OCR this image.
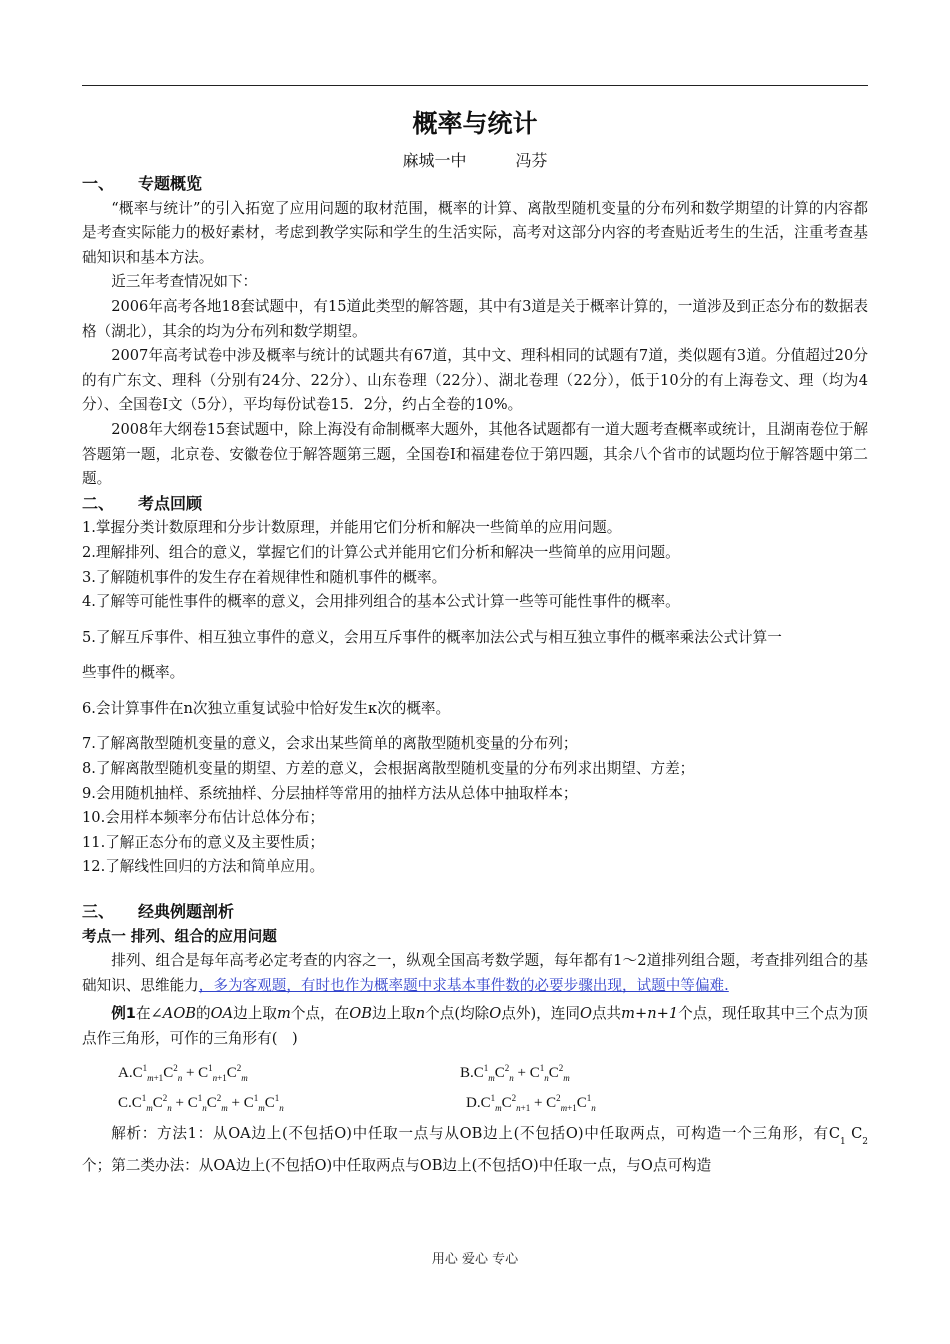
概率与统计
麻城一中	冯芬

一、 专题概览

“概率与统计”的引入拓宽了应用问题的取材范围，概率的计算、离散型随机变量的分布列和数学期望的计算的内容都是考查实际能力的极好素材，考虑到教学实际和学生的生活实际，高考对这部分内容的考查贴近考生的生活，注重考查基础知识和基本方法。

近三年考查情况如下：

2006年高考各地18套试题中，有15道此类型的解答题，其中有3道是关于概率计算的，一道涉及到正态分布的数据表格（湖北），其余的均为分布列和数学期望。

2007年高考试卷中涉及概率与统计的试题共有67道，其中文、理科相同的试题有7道，类似题有3道。分值超过20分的有广东文、理科（分别有24分、22分）、山东卷理（22分）、湖北卷理（22分），低于10分的有上海卷文、理（均为4分）、全国卷Ⅰ文（5分），平均每份试卷15．2分，约占全卷的10%。

2008年大纲卷15套试题中，除上海没有命制概率大题外，其他各试题都有一道大题考查概率或统计，且湖南卷位于解答题第一题，北京卷、安徽卷位于解答题第三题，全国卷Ⅰ和福建卷位于第四题，其余八个省市的试题均位于解答题中第二题。

二、 考点回顾

1.掌握分类计数原理和分步计数原理，并能用它们分析和解决一些简单的应用问题。

2.理解排列、组合的意义，掌握它们的计算公式并能用它们分析和解决一些简单的应用问题。

3.了解随机事件的发生存在着规律性和随机事件的概率。

4.了解等可能性事件的概率的意义，会用排列组合的基本公式计算一些等可能性事件的概率。

5.了解互斥事件、相互独立事件的意义，会用互斥事件的概率加法公式与相互独立事件的概率乘法公式计算一

些事件的概率。

6.会计算事件在n次独立重复试验中恰好发生κ次的概率。

7.了解离散型随机变量的意义，会求出某些简单的离散型随机变量的分布列；

8.了解离散型随机变量的期望、方差的意义，会根据离散型随机变量的分布列求出期望、方差；

9.会用随机抽样、系统抽样、分层抽样等常用的抽样方法从总体中抽取样本；

10.会用样本频率分布估计总体分布；

11.了解正态分布的意义及主要性质；

12.了解线性回归的方法和简单应用。

三、 经典例题剖析

考点一 排列、组合的应用问题

排列、组合是每年高考必定考查的内容之一，纵观全国高考数学题，每年都有1～2道排列组合题，考查排列组合的基础知识、思维能力，多为客观题，有时也作为概率题中求基本事件数的必要步骤出现，试题中等偏难.

例1在∠AOB的OA边上取m个点，在OB边上取n个点(均除O点外)，连同O点共m+n+1个点，现任取其中三个点为顶点作三角形，可作的三角形有(　)

$A.C^1_{m+1}C^2_n + C^1_{n+1}C^2_m$	$B.C^1_mC^2_n + C^1_nC^2_m$
$C.C^1_mC^2_n + C^1_nC^2_m + C^1_mC^1_n$	$D.C^1_mC^2_{n+1} + C^2_{m+1}C^1_n$

解析：方法1：从OA边上(不包括O)中任取一点与从OB边上(不包括O)中任取两点，可构造一个三角形，有$C_1$ $C_2$ 个；第二类办法：从OA边上(不包括O)中任取两点与OB边上(不包括O)中任取一点，与O点可构造

用心 爱心 专心
